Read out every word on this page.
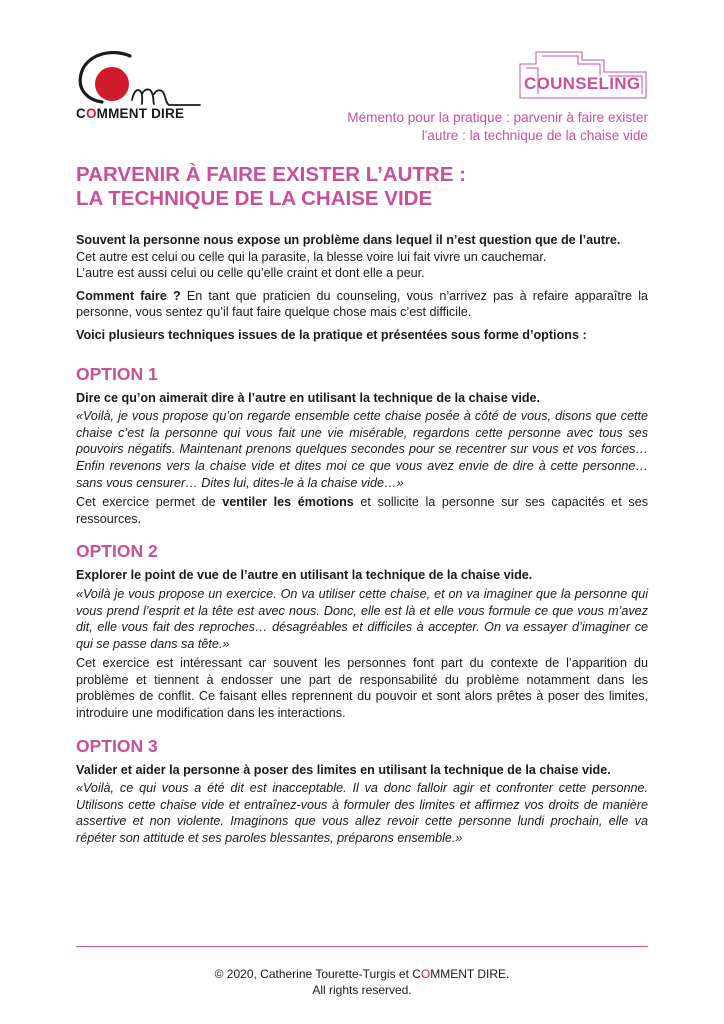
COMMENT DIRE
COUNSELING
Mémento pour la pratique : parvenir à faire exister
l'autre : la technique de la chaise vide
PARVENIR À FAIRE EXISTER L’AUTRE :
LA TECHNIQUE DE LA CHAISE VIDE

Souvent la personne nous expose un problème dans lequel il n’est question que de l’autre.

Cet autre est celui ou celle qui la parasite, la blesse voire lui fait vivre un cauchemar.

L’autre est aussi celui ou celle qu’elle craint et dont elle a peur.

Comment faire ? En tant que praticien du counseling, vous n’arrivez pas à refaire apparaître la personne, vous sentez qu’il faut faire quelque chose mais c’est difficile.

Voici plusieurs techniques issues de la pratique et présentées sous forme d’options :

OPTION 1

Dire ce qu’on aimerait dire à l’autre en utilisant la technique de la chaise vide.

«Voilà, je vous propose qu’on regarde ensemble cette chaise posée à côté de vous, disons que cette chaise c’est la personne qui vous fait une vie misérable, regardons cette personne avec tous ses pouvoirs négatifs. Maintenant prenons quelques secondes pour se recentrer sur vous et vos forces… Enfin revenons vers la chaise vide et dites moi ce que vous avez envie de dire à cette personne… sans vous censurer… Dites lui, dites-le à la chaise vide…»

Cet exercice permet de ventiler les émotions et sollicite la personne sur ses capacités et ses ressources.

OPTION 2

Explorer le point de vue de l’autre en utilisant la technique de la chaise vide.

«Voilà je vous propose un exercice. On va utiliser cette chaise, et on va imaginer que la personne qui vous prend l’esprit et la tête est avec nous. Donc, elle est là et elle vous formule ce que vous m’avez dit, elle vous fait des reproches… désagréables et difficiles à accepter. On va essayer d’imaginer ce qui se passe dans sa tête.»

Cet exercice est intéressant car souvent les personnes font part du contexte de l’apparition du problème et tiennent à endosser une part de responsabilité du problème notamment dans les problèmes de conflit. Ce faisant elles reprennent du pouvoir et sont alors prêtes à poser des limites, introduire une modification dans les interactions.

OPTION 3

Valider et aider la personne à poser des limites en utilisant la technique de la chaise vide.

«Voilà, ce qui vous a été dit est inacceptable. Il va donc falloir agir et confronter cette personne. Utilisons cette chaise vide et entraînez-vous à formuler des limites et affirmez vos droits de manière assertive et non violente. Imaginons que vous allez revoir cette personne lundi prochain, elle va répéter son attitude et ses paroles blessantes, préparons ensemble.»

© 2020, Catherine Tourette-Turgis et COMMENT DIRE.
All rights reserved.
